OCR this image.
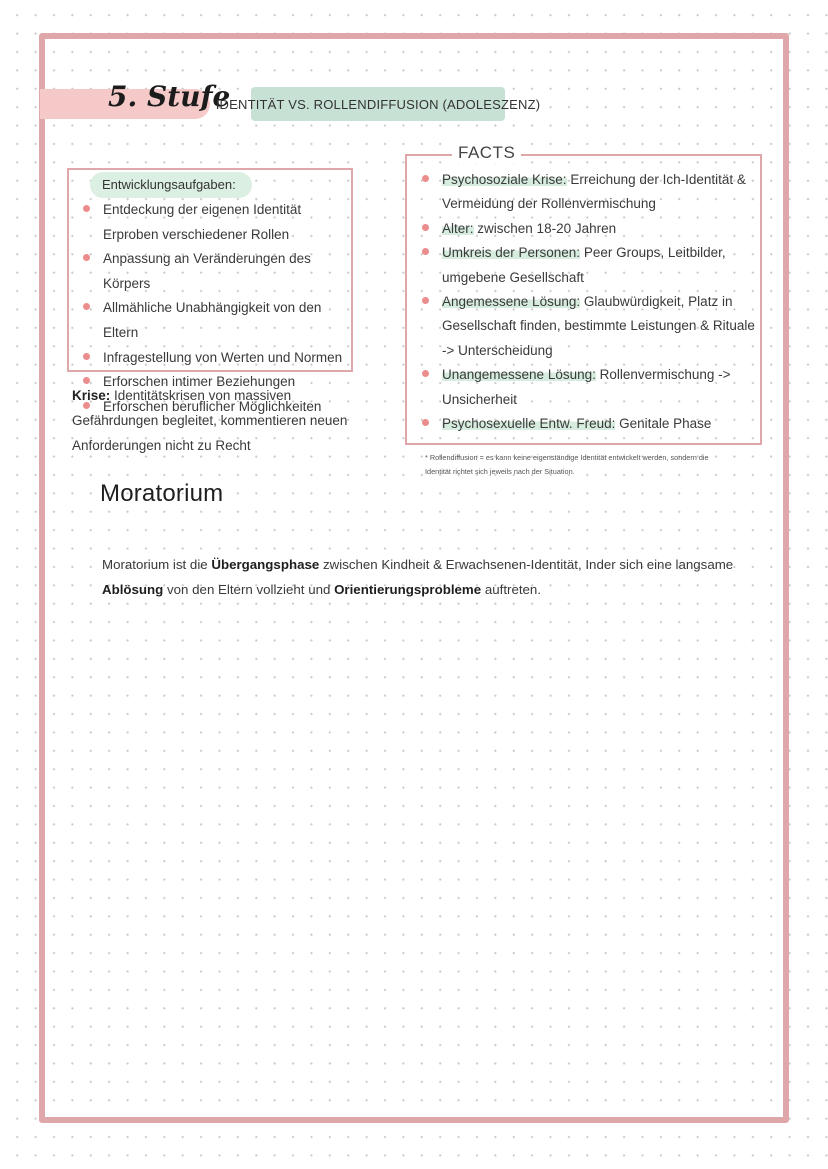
5. Stufe
IDENTITÄT VS. ROLLENDIFFUSION (ADOLESZENZ)
Entwicklungsaufgaben:
Entdeckung der eigenen Identität
Erproben verschiedener Rollen
Anpassung an Veränderungen des Körpers
Allmähliche Unabhängigkeit von den Eltern
Infragestellung von Werten und Normen
Erforschen intimer Beziehungen
Erforschen beruflicher Möglichkeiten
Krise: Identitätskrisen von massiven Gefährdungen begleitet, kommentieren neuen Anforderungen nicht zu Recht
FACTS
Psychosoziale Krise: Erreichung der Ich-Identität & Vermeidung der Rollenvermischung
Alter: zwischen 18-20 Jahren
Umkreis der Personen: Peer Groups, Leitbilder, umgebene Gesellschaft
Angemessene Lösung: Glaubwürdigkeit, Platz in Gesellschaft finden, bestimmte Leistungen & Rituale -> Unterscheidung
Unangemessene Lösung: Rollenvermischung -> Unsicherheit
Psychosexuelle Entw. Freud: Genitale Phase
* Rollendiffusion = es kann keine eigenständige Identität entwickelt werden, sondern die Identität richtet sich jeweils nach der Situation.
Moratorium
Moratorium ist die Übergangsphase zwischen Kindheit & Erwachsenen-Identität, Inder sich eine langsame Ablösung von den Eltern vollzieht und Orientierungsprobleme auftreten.
